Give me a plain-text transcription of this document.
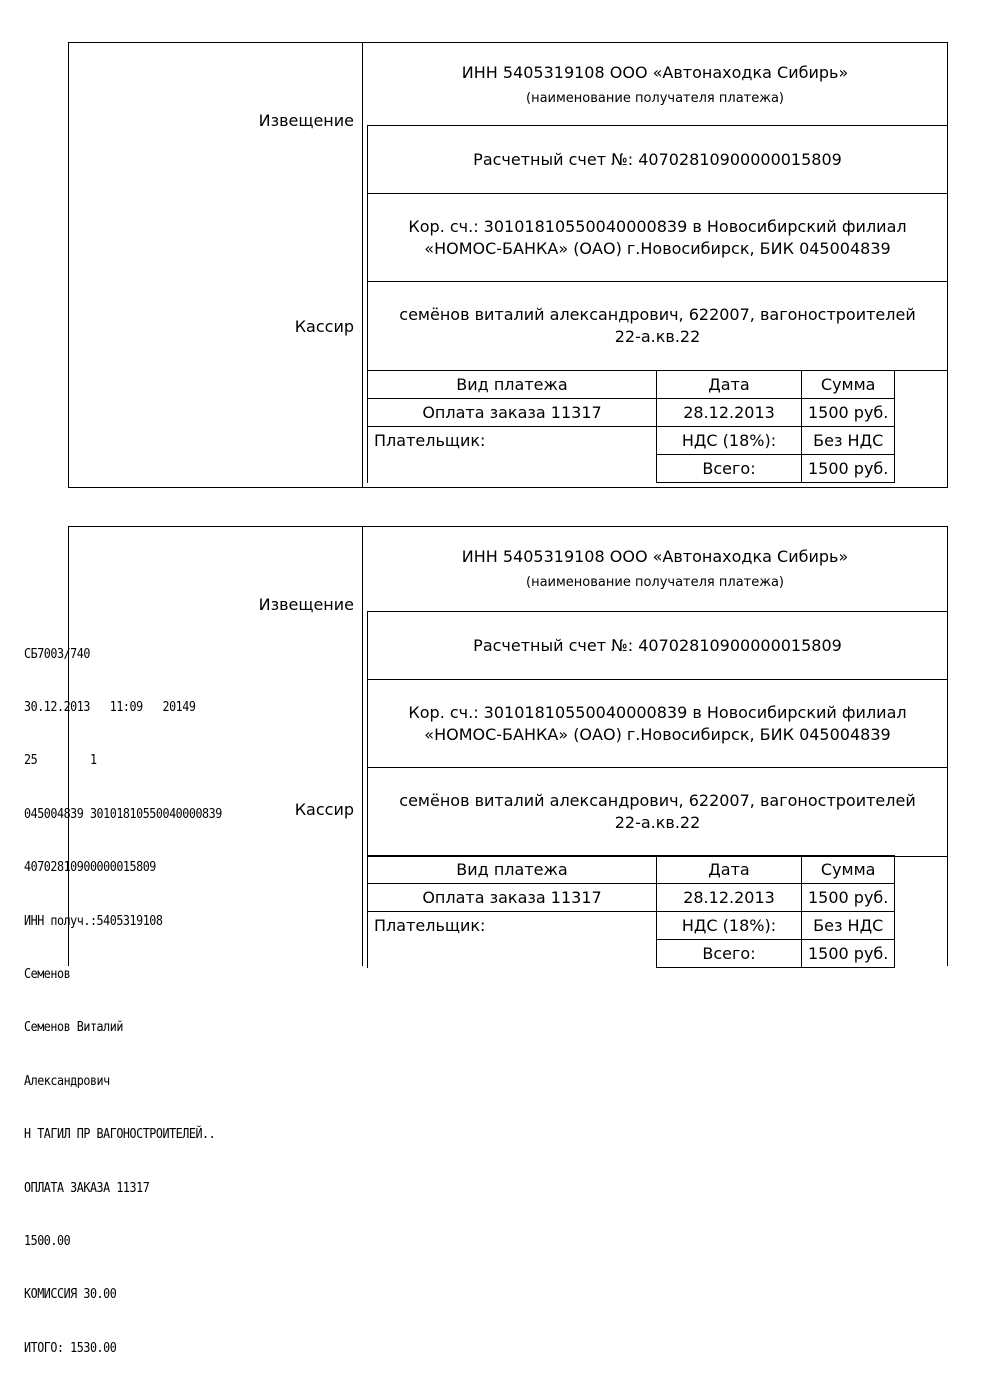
Извещение
Кассир
ИНН 5405319108 ООО «Автонаходка Сибирь»
(наименование получателя платежа)
Расчетный счет №: 40702810900000015809
Кор. сч.: 30101810550040000839 в Новосибирский филиал
«НОМОС-БАНКА» (ОАО) г.Новосибирск, БИК 045004839
семёнов виталий александрович, 622007, вагоностроителей
22-а.кв.22
Вид платежа	Дата	Сумма
Оплата заказа 11317	28.12.2013	1500 руб.
Плательщик:	НДС (18%):	Без НДС
	Всего:	1500 руб.
Извещение
Кассир
ИНН 5405319108 ООО «Автонаходка Сибирь»
(наименование получателя платежа)
Расчетный счет №: 40702810900000015809
Кор. сч.: 30101810550040000839 в Новосибирский филиал
«НОМОС-БАНКА» (ОАО) г.Новосибирск, БИК 045004839
семёнов виталий александрович, 622007, вагоностроителей
22-а.кв.22
Вид платежа	Дата	Сумма
Оплата заказа 11317	28.12.2013	1500 руб.
Плательщик:	НДС (18%):	Без НДС
	Всего:	1500 руб.

СБ7003/740

30.12.2013   11:09   20149

25        1

045004839 30101810550040000839

40702810900000015809

ИНН получ.:5405319108

Семенов

Семенов Виталий

Александрович

Н ТАГИЛ ПР ВАГОНОСТРОИТЕЛЕЙ..

ОПЛАТА ЗАКАЗА 11317

1500.00

КОМИССИЯ 30.00

ИТОГО: 1530.00
